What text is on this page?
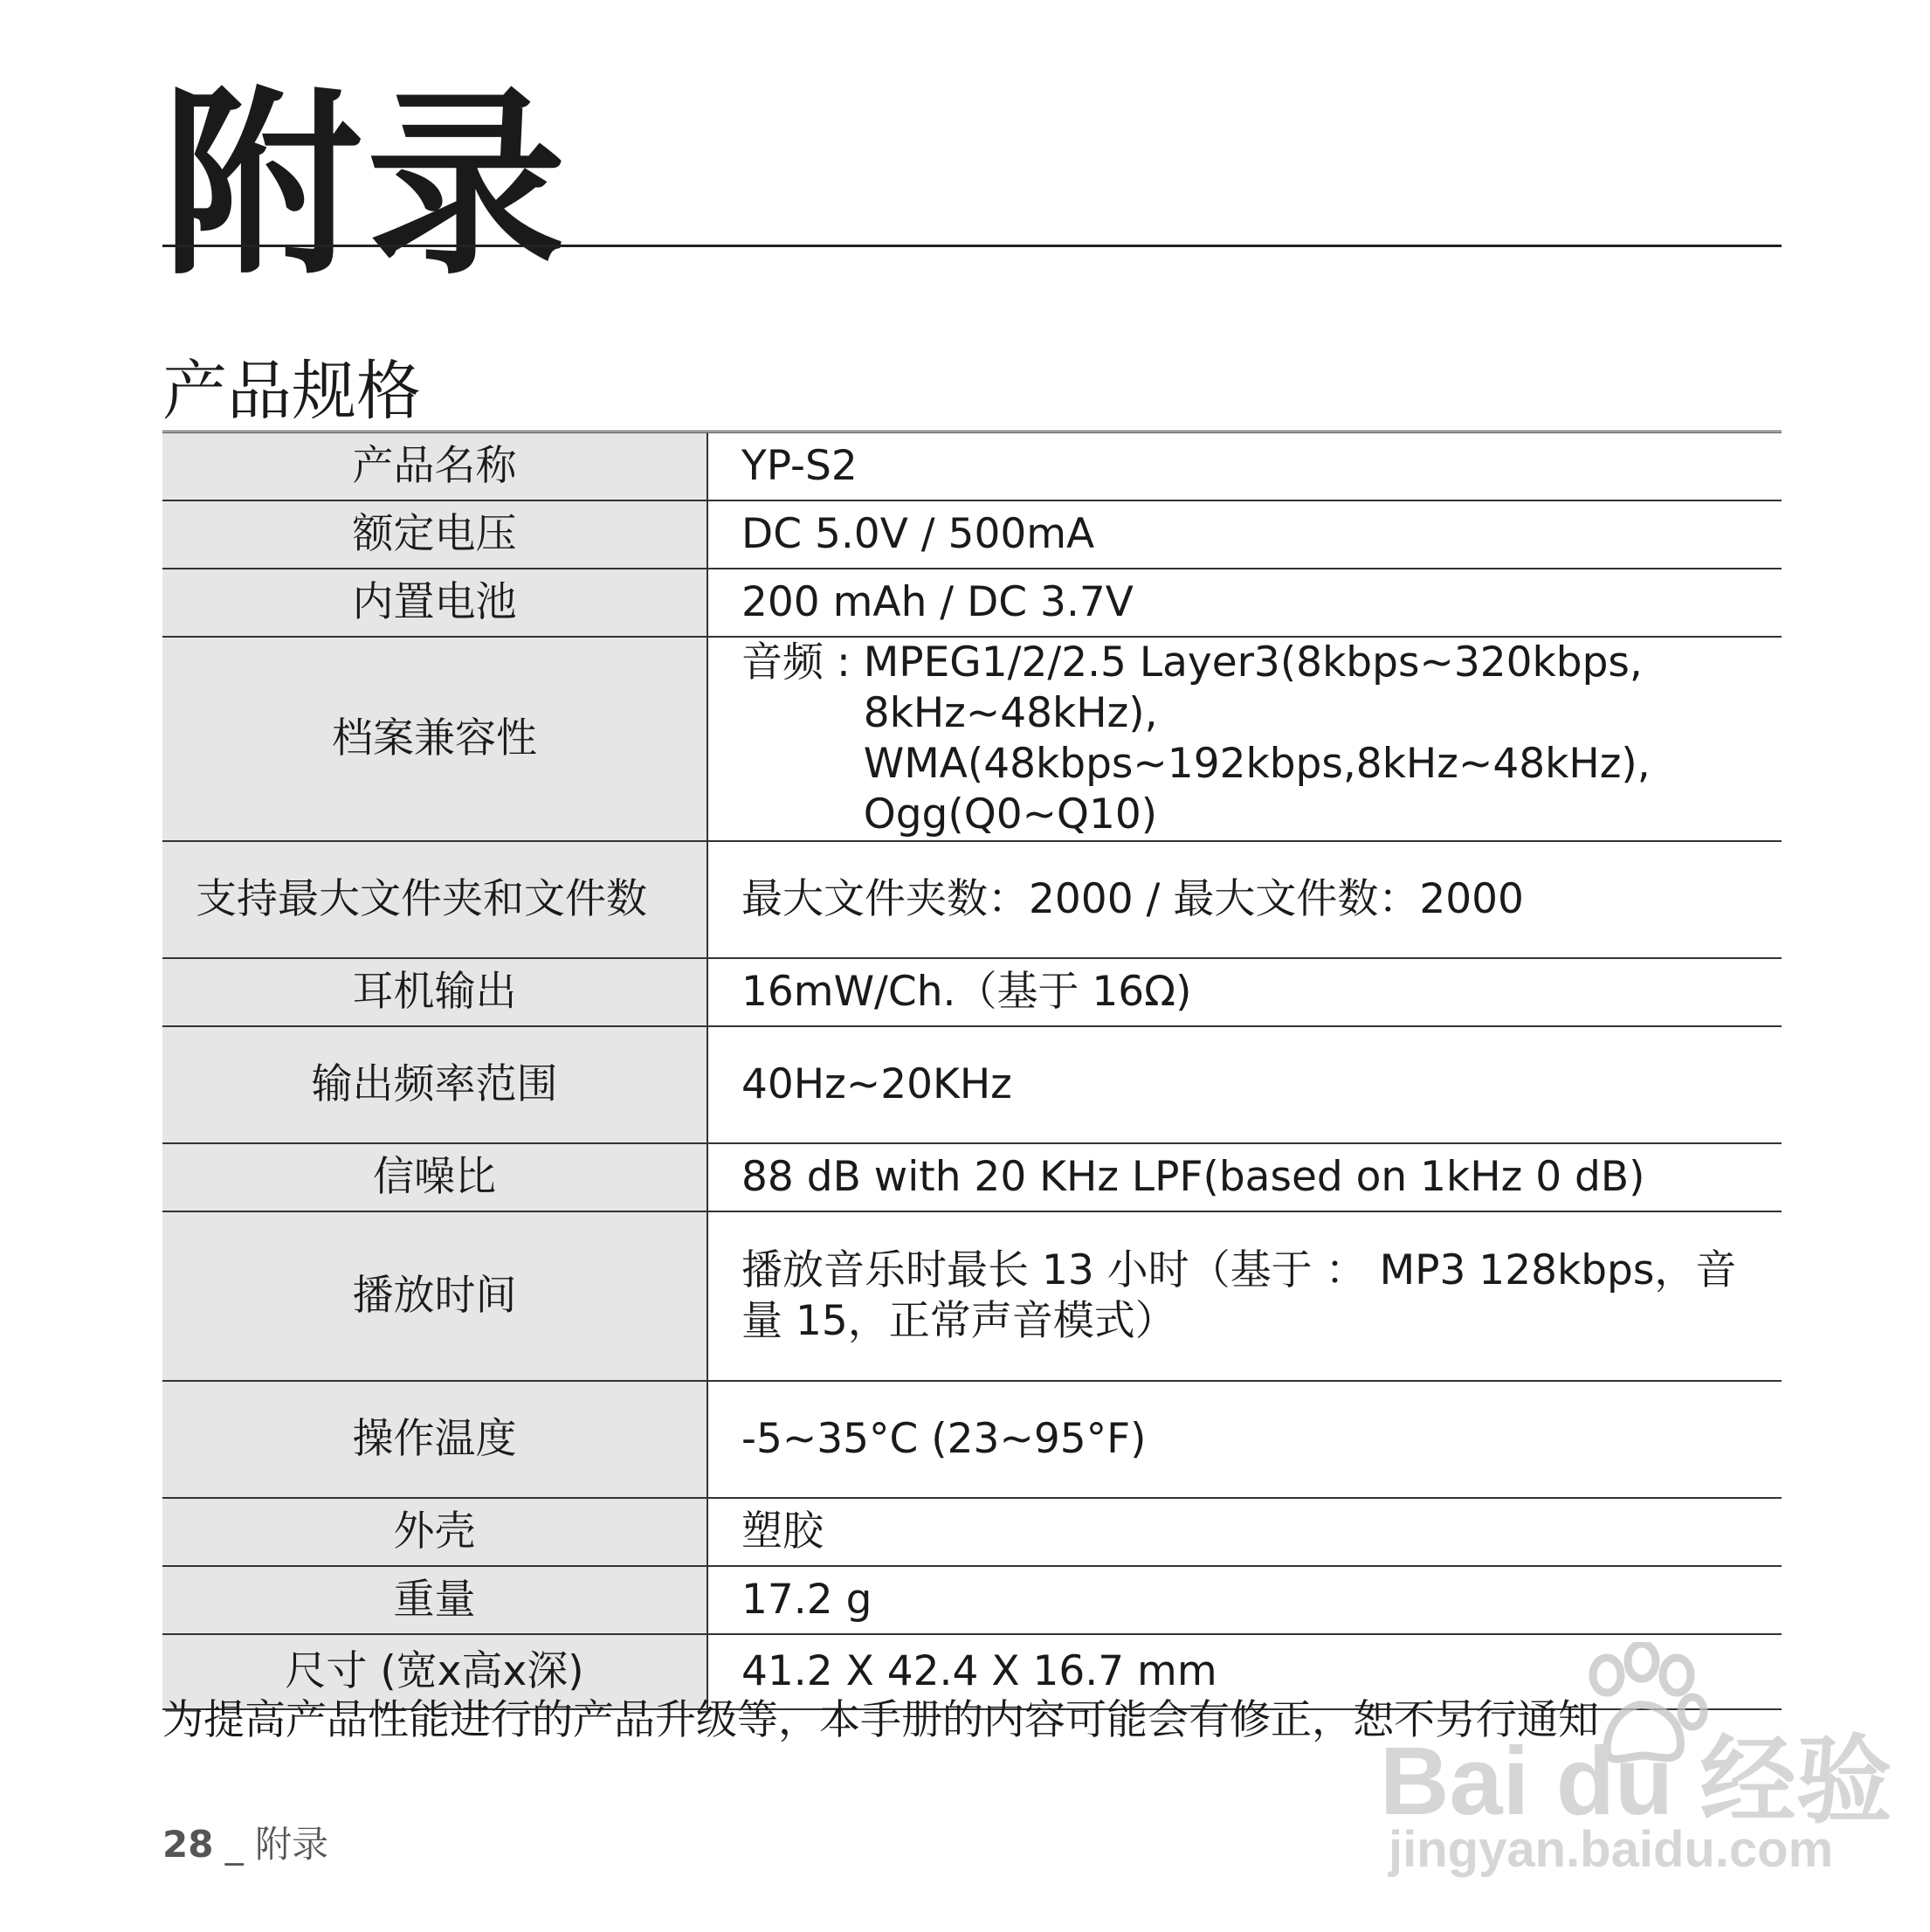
附录
产品规格
产品名称	YP-S2
额定电压	DC 5.0V / 500mA
内置电池	200 mAh / DC 3.7V
档案兼容性	音频 : MPEG1/2/2.5 Layer3(8kbps~320kbps, 8kHz~48kHz), WMA(48kbps~192kbps,8kHz~48kHz), Ogg(Q0~Q10)

支持最大文件夹和文件数	最大文件夹数：2000 / 最大文件数：2000
耳机输出	16mW/Ch.（基于 16Ω)
输出频率范围	40Hz~20KHz
信噪比	88 dB with 20 KHz LPF(based on 1kHz 0 dB)
播放时间	播放音乐时最长 13 小时（基于 ： MP3 128kbps，音量 15，正常声音模式）
操作温度	-5~35°C (23~95°F)
外壳	塑胶
重量	17.2 g
尺寸 (宽x高x深)	41.2 X 42.4 X 16.7 mm

为提高产品性能进行的产品升级等，本手册的内容可能会有修正，恕不另行通知

28 _ 附录

Bai du 经验
jingyan.baidu.com
